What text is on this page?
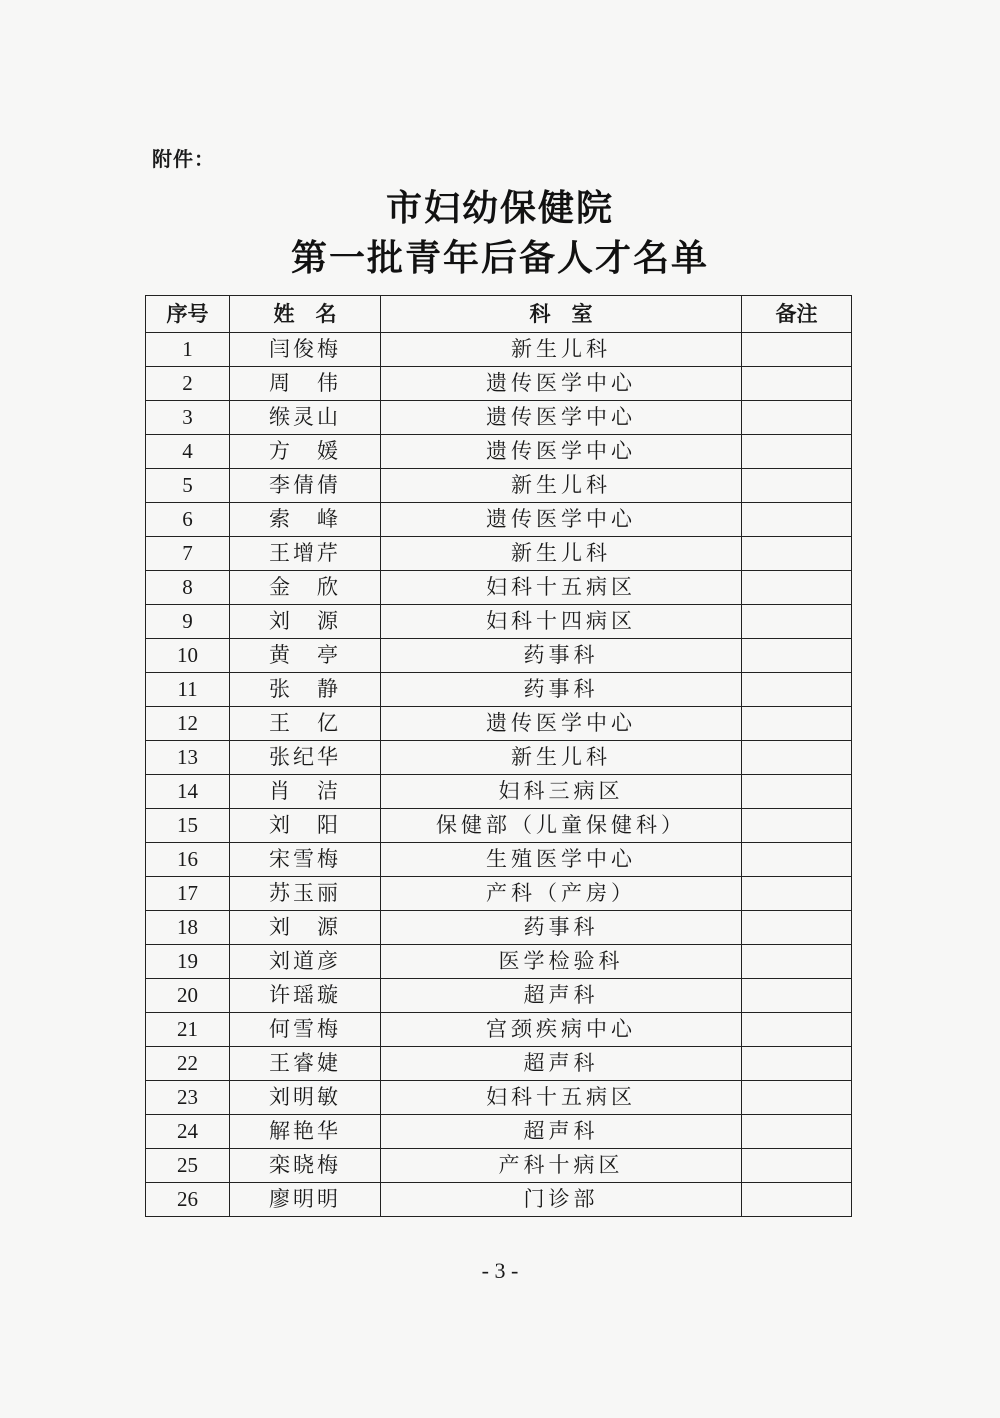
附件：
市妇幼保健院
第一批青年后备人才名单
序号	姓　名	科　室	备注
1	闫俊梅	新生儿科	
2	周　伟	遗传医学中心	
3	缑灵山	遗传医学中心	
4	方　媛	遗传医学中心	
5	李倩倩	新生儿科	
6	索　峰	遗传医学中心	
7	王增芹	新生儿科	
8	金　欣	妇科十五病区	
9	刘　源	妇科十四病区	
10	黄　亭	药事科	
11	张　静	药事科	
12	王　亿	遗传医学中心	
13	张纪华	新生儿科	
14	肖　洁	妇科三病区	
15	刘　阳	保健部（儿童保健科）	
16	宋雪梅	生殖医学中心	
17	苏玉丽	产科（产房）	
18	刘　源	药事科	
19	刘道彦	医学检验科	
20	许瑶璇	超声科	
21	何雪梅	宫颈疾病中心	
22	王睿婕	超声科	
23	刘明敏	妇科十五病区	
24	解艳华	超声科	
25	栾晓梅	产科十病区	
26	廖明明	门诊部	
- 3 -
